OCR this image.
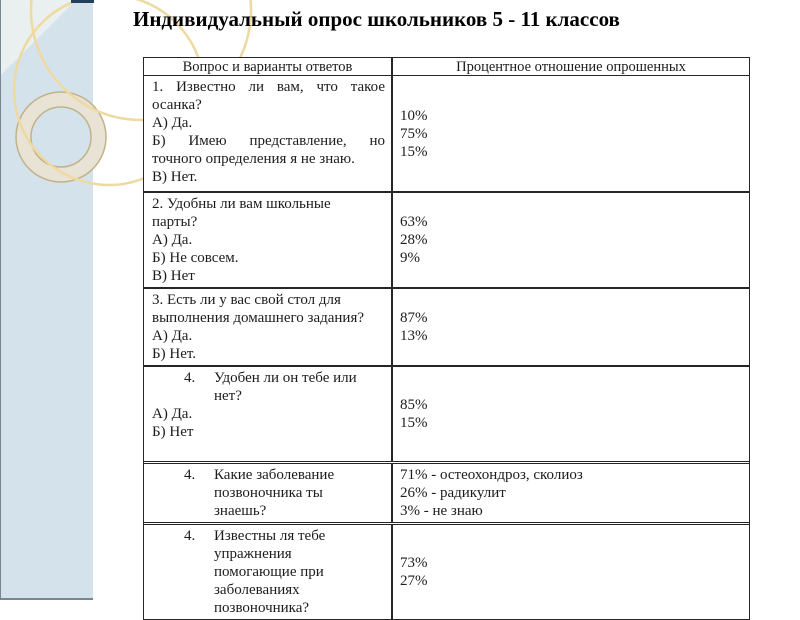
Индивидуальный опрос школьников 5 - 11 классов
Вопрос и варианты ответов	Процентное отношение опрошенных
1. Известно ли вам, что такое
осанка?
А) Да.
Б) Имею представление, но
точного определения я не знаю.
В) Нет.
10%
75%
15%
2. Удобны ли вам школьные
парты?
А) Да.
Б) Не совсем.
В) Нет
63%
28%
9%
3. Есть ли у вас свой стол для
выполнения домашнего задания?
А) Да.
Б) Нет.
87%
13%
4. Удобен ли он тебе или
нет?
А) Да.
Б) Нет
85%
15%
4. Какие заболевание
позвоночника ты
знаешь?
71% - остеохондроз, сколиоз
26% - радикулит
3% - не знаю
4. Известны ля тебе
упражнения
помогающие при
заболеваниях
позвоночника?
73%
27%
